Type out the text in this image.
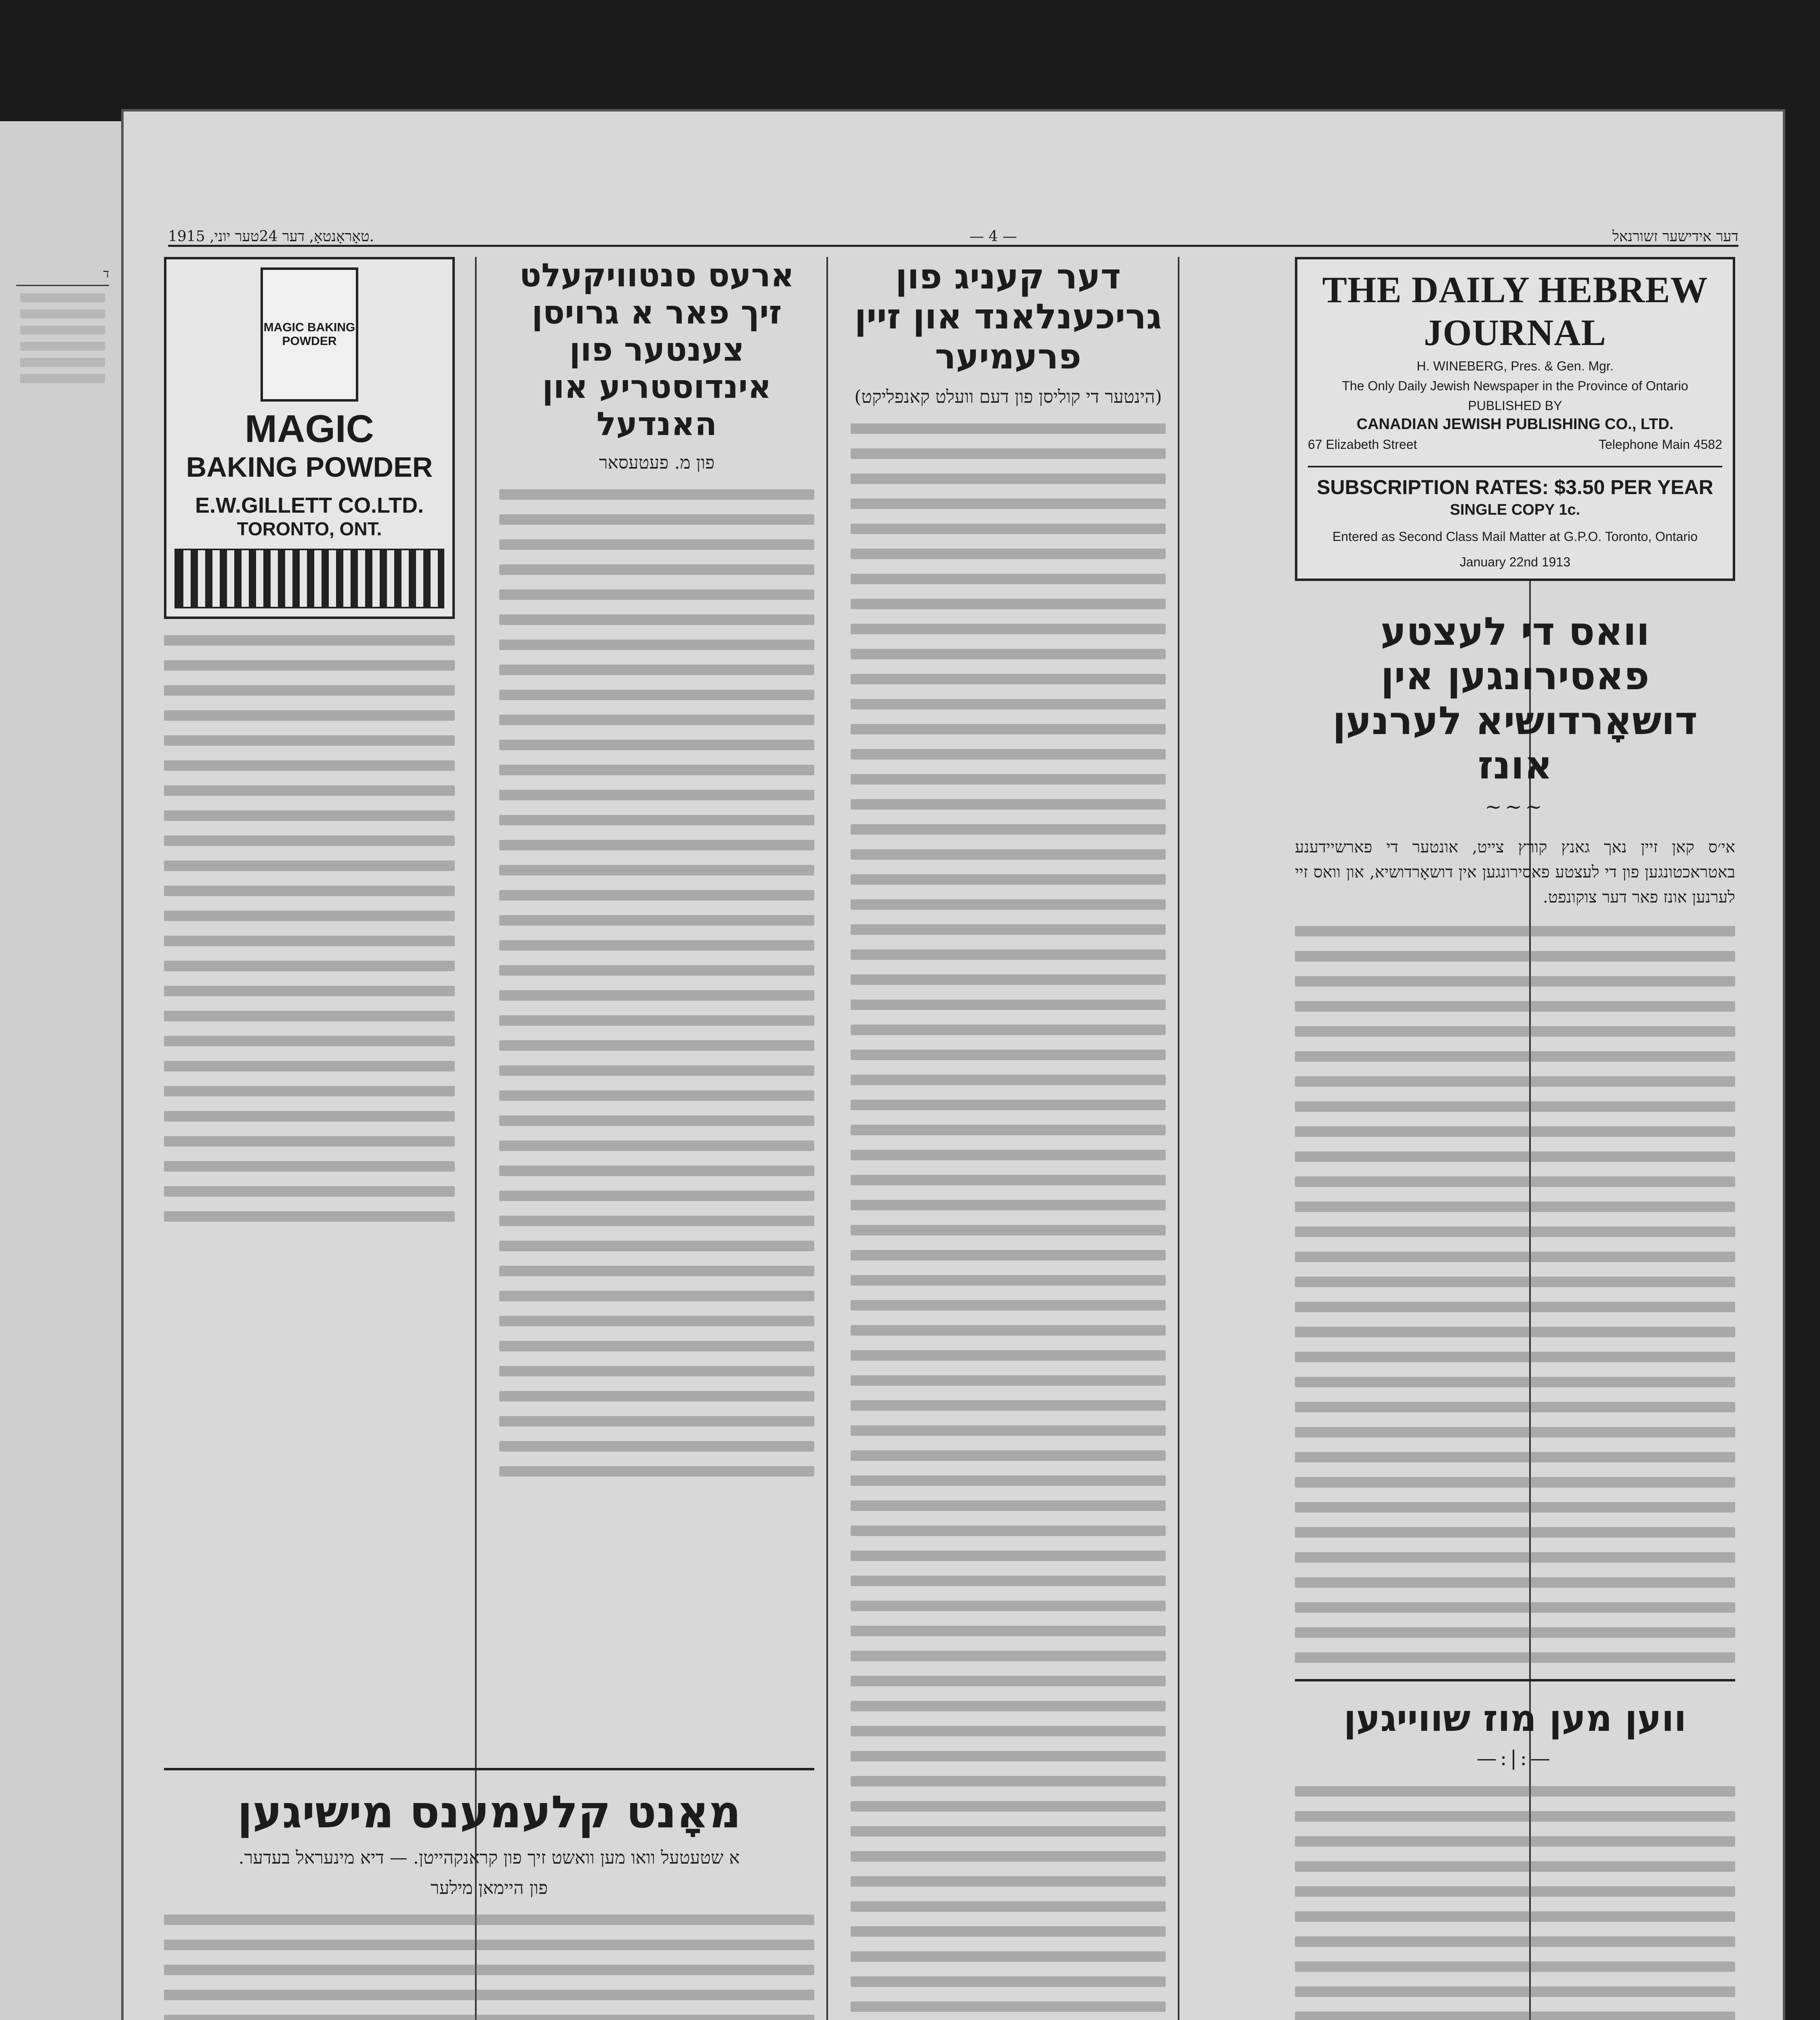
ד
טאָראָנטאָ, דער 24טער יוני, 1915.	— 4 —	דער אידישער זשורנאל
THE DAILY HEBREW JOURNAL
H. WINEBERG, Pres. & Gen. Mgr.
The Only Daily Jewish Newspaper in the Province of Ontario
PUBLISHED BY
CANADIAN JEWISH PUBLISHING CO., LTD.
67 Elizabeth Street	Telephone Main 4582
SUBSCRIPTION RATES: $3.50 PER YEAR
SINGLE COPY 1c.
Entered as Second Class Mail Matter at G.P.O. Toronto, Ontario
January 22nd 1913
וואס די לעצטע פאסירונגען אין דושאָרדושיא לערנען אונז
~~~
אי׳ס קאן זיין נאך גאנץ קורץ צייט, אונטער די פארשיידענע באטראכטונגען פון די לעצטע פאסירונגען אין דושאָרדושיא, און וואס זיי לערנען אונז פאר דער צוקונפט.
ווען מען מוז שווייגען
—:|:—
דער קעניג פון גריכענלאנד און זיין פרעמיער
(הינטער די קוליסן פון דעם וועלט קאנפליקט)
ארעס סנטוויקעלט זיך פאר א גרויסן צענטער פון אינדוסטריע און האנדעל
פון מ. פעטעסאר
MAGIC BAKING POWDER
MAGIC
BAKING POWDER
E.W.GILLETT CO.LTD.
TORONTO, ONT.
מאָנט קלעמענס מישיגען
א שטעטעל וואו מען וואשט זיך פון קראנקהייטן. — דיא מינעראל בעדער.
פון היימאן מילער
